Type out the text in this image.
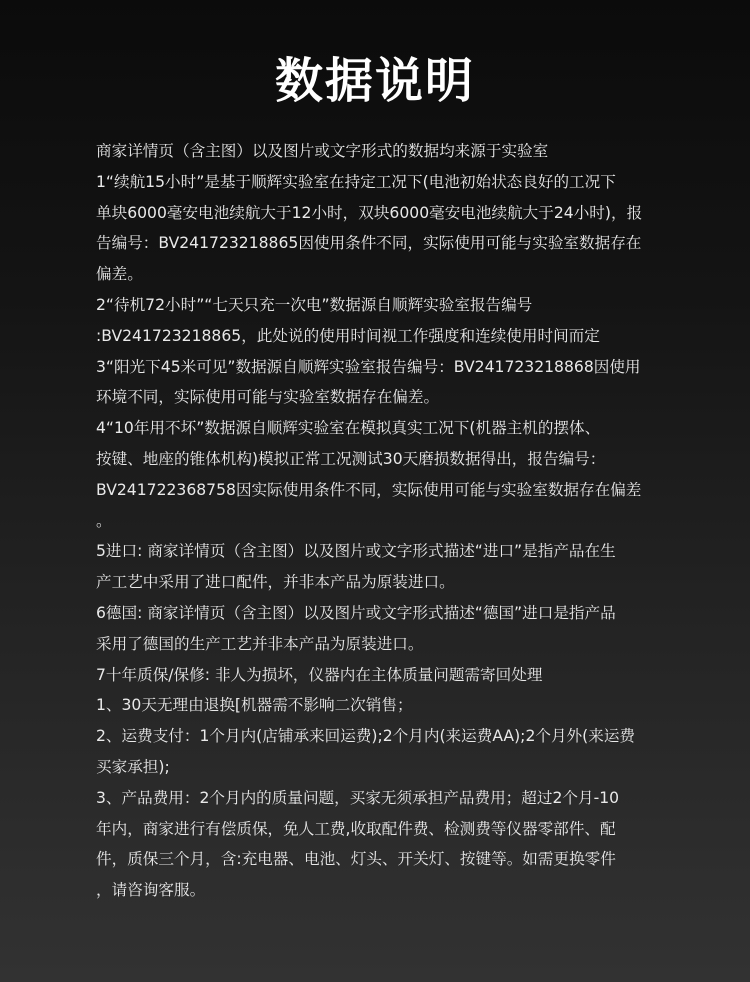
数据说明
商家详情页（含主图）以及图片或文字形式的数据均来源于实验室
1“续航15小时”是基于顺辉实验室在持定工况下(电池初始状态良好的工况下
单块6000毫安电池续航大于12小时，双块6000毫安电池续航大于24小时)，报
告编号：BV241723218865因使用条件不同，实际使用可能与实验室数据存在
偏差。
2“待机72小时”“七天只充一次电”数据源自顺辉实验室报告编号
:BV241723218865，此处说的使用时间视工作强度和连续使用时间而定
3“阳光下45米可见”数据源自顺辉实验室报告编号：BV241723218868因使用
环境不同，实际使用可能与实验室数据存在偏差。
4“10年用不坏”数据源自顺辉实验室在模拟真实工况下(机器主机的摆体、
按键、地座的锥体机构)模拟正常工况测试30天磨损数据得出，报告编号：
BV241722368758因实际使用条件不同，实际使用可能与实验室数据存在偏差
。
5进口: 商家详情页（含主图）以及图片或文字形式描述“进口”是指产品在生
产工艺中采用了进口配件，并非本产品为原装进口。
6德国: 商家详情页（含主图）以及图片或文字形式描述“德国”进口是指产品
采用了德国的生产工艺并非本产品为原装进口。
7十年质保/保修: 非人为损坏，仪器内在主体质量问题需寄回处理
1、30天无理由退换[机器需不影响二次销售；
2、运费支付：1个月内(店铺承来回运费);2个月内(来运费AA);2个月外(来运费
买家承担);
3、产品费用：2个月内的质量问题，买家无须承担产品费用；超过2个月-10
年内，商家进行有偿质保，免人工费,收取配件费、检测费等仪器零部件、配
件，质保三个月，含:充电器、电池、灯头、开关灯、按键等。如需更换零件
，请咨询客服。
